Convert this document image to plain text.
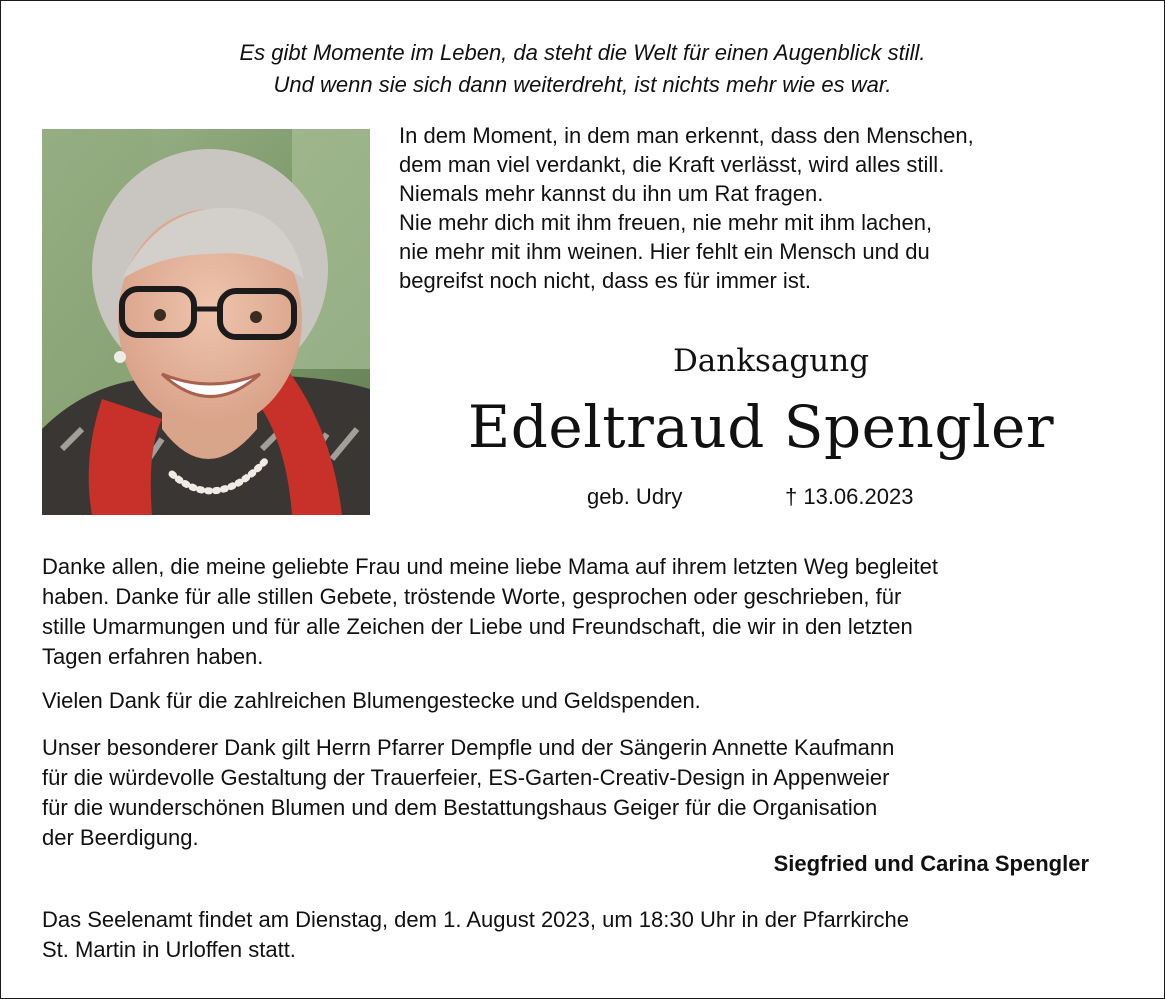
Es gibt Momente im Leben, da steht die Welt für einen Augenblick still.
Und wenn sie sich dann weiterdreht, ist nichts mehr wie es war.
In dem Moment, in dem man erkennt, dass den Menschen,
dem man viel verdankt, die Kraft verlässt, wird alles still.
Niemals mehr kannst du ihn um Rat fragen.
Nie mehr dich mit ihm freuen, nie mehr mit ihm lachen,
nie mehr mit ihm weinen. Hier fehlt ein Mensch und du
begreifst noch nicht, dass es für immer ist.
Danksagung
Edeltraud Spengler
geb. Udry	† 13.06.2023
Danke allen, die meine geliebte Frau und meine liebe Mama auf ihrem letzten Weg begleitet
haben. Danke für alle stillen Gebete, tröstende Worte, gesprochen oder geschrieben, für
stille Umarmungen und für alle Zeichen der Liebe und Freundschaft, die wir in den letzten
Tagen erfahren haben.
Vielen Dank für die zahlreichen Blumengestecke und Geldspenden.
Unser besonderer Dank gilt Herrn Pfarrer Dempfle und der Sängerin Annette Kaufmann
für die würdevolle Gestaltung der Trauerfeier, ES-Garten-Creativ-Design in Appenweier
für die wunderschönen Blumen und dem Bestattungshaus Geiger für die Organisation
der Beerdigung.
Siegfried und Carina Spengler
Das Seelenamt findet am Dienstag, dem 1. August 2023, um 18:30 Uhr in der Pfarrkirche
St. Martin in Urloffen statt.
